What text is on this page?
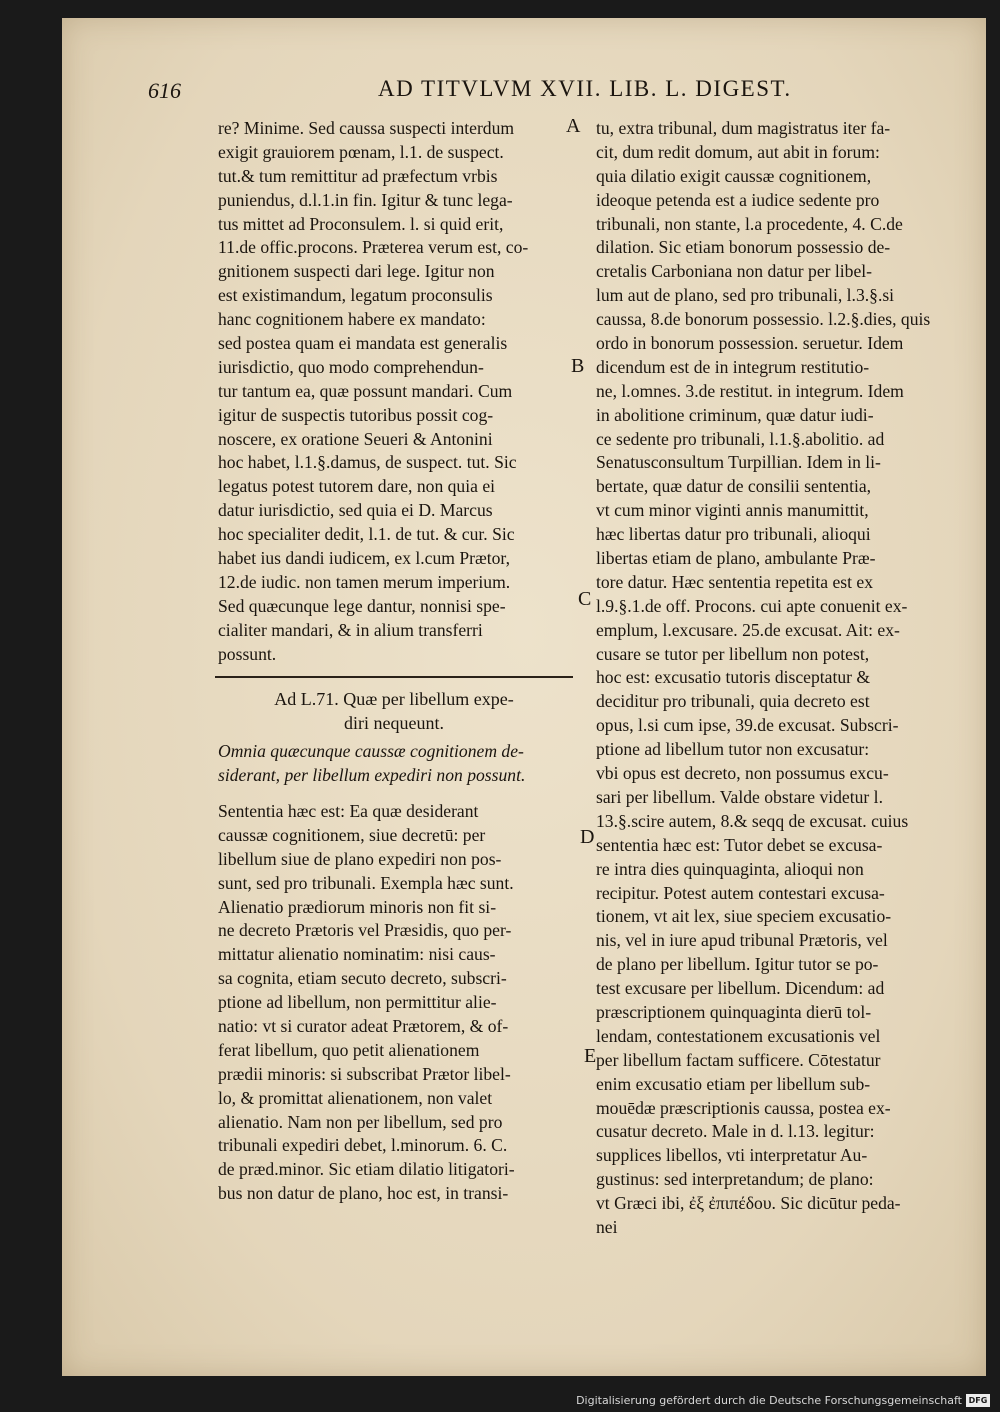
616	AD TITVLVM XVII. LIB. L. DIGEST.
re? Minime. Sed caussa suspecti interdum
exigit grauiorem pœnam, l.1. de suspect.
tut.& tum remittitur ad præfectum vrbis
puniendus, d.l.1.in fin. Igitur & tunc lega-
tus mittet ad Proconsulem. l. si quid erit,
11.de offic.procons. Præterea verum est, co-
gnitionem suspecti dari lege. Igitur non
est existimandum, legatum proconsulis
hanc cognitionem habere ex mandato:
sed postea quam ei mandata est generalis
iurisdictio, quo modo comprehendun-
tur tantum ea, quæ possunt mandari. Cum
igitur de suspectis tutoribus possit cog-
noscere, ex oratione Seueri & Antonini
hoc habet, l.1.§.damus, de suspect. tut. Sic
legatus potest tutorem dare, non quia ei
datur iurisdictio, sed quia ei D. Marcus
hoc specialiter dedit, l.1. de tut. & cur. Sic
habet ius dandi iudicem, ex l.cum Prætor,
12.de iudic. non tamen merum imperium.
Sed quæcunque lege dantur, nonnisi spe-
cialiter mandari, & in alium transferri
possunt.
Ad L.71. Quæ per libellum expe-
diri nequeunt.
Omnia quæcunque caussæ cognitionem de-
siderant, per libellum expediri non possunt.
Sententia hæc est: Ea quæ desiderant
caussæ cognitionem, siue decretū: per
libellum siue de plano expediri non pos-
sunt, sed pro tribunali. Exempla hæc sunt.
Alienatio prædiorum minoris non fit si-
ne decreto Prætoris vel Præsidis, quo per-
mittatur alienatio nominatim: nisi caus-
sa cognita, etiam secuto decreto, subscri-
ptione ad libellum, non permittitur alie-
natio: vt si curator adeat Prætorem, & of-
ferat libellum, quo petit alienationem
prædii minoris: si subscribat Prætor libel-
lo, & promittat alienationem, non valet
alienatio. Nam non per libellum, sed pro
tribunali expediri debet, l.minorum. 6. C.
de præd.minor. Sic etiam dilatio litigatori-
bus non datur de plano, hoc est, in transi-
tu, extra tribunal, dum magistratus iter fa-
cit, dum redit domum, aut abit in forum:
quia dilatio exigit caussæ cognitionem,
ideoque petenda est a iudice sedente pro
tribunali, non stante, l.a procedente, 4. C.de
dilation. Sic etiam bonorum possessio de-
cretalis Carboniana non datur per libel-
lum aut de plano, sed pro tribunali, l.3.§.si
caussa, 8.de bonorum possessio. l.2.§.dies, quis
ordo in bonorum possession. seruetur. Idem
dicendum est de in integrum restitutio-
ne, l.omnes. 3.de restitut. in integrum. Idem
in abolitione criminum, quæ datur iudi-
ce sedente pro tribunali, l.1.§.abolitio. ad
Senatusconsultum Turpillian. Idem in li-
bertate, quæ datur de consilii sententia,
vt cum minor viginti annis manumittit,
hæc libertas datur pro tribunali, alioqui
libertas etiam de plano, ambulante Præ-
tore datur. Hæc sententia repetita est ex
l.9.§.1.de off. Procons. cui apte conuenit ex-
emplum, l.excusare. 25.de excusat. Ait: ex-
cusare se tutor per libellum non potest,
hoc est: excusatio tutoris disceptatur &
deciditur pro tribunali, quia decreto est
opus, l.si cum ipse, 39.de excusat. Subscri-
ptione ad libellum tutor non excusatur:
vbi opus est decreto, non possumus excu-
sari per libellum. Valde obstare videtur l.
13.§.scire autem, 8.& seqq de excusat. cuius
sententia hæc est: Tutor debet se excusa-
re intra dies quinquaginta, alioqui non
recipitur. Potest autem contestari excusa-
tionem, vt ait lex, siue speciem excusatio-
nis, vel in iure apud tribunal Prætoris, vel
de plano per libellum. Igitur tutor se po-
test excusare per libellum. Dicendum: ad
præscriptionem quinquaginta dierū tol-
lendam, contestationem excusationis vel
per libellum factam sufficere. Cōtestatur
enim excusatio etiam per libellum sub-
mouēdæ præscriptionis caussa, postea ex-
cusatur decreto. Male in d. l.13. legitur:
supplices libellos, vti interpretatur Au-
gustinus: sed interpretandum; de plano:
vt Græci ibi, ἐξ ἐπιπέδου. Sic dicūtur peda-
nei
A
B
C
D
E
Digitalisierung gefördert durch die Deutsche Forschungsgemeinschaft DFG
